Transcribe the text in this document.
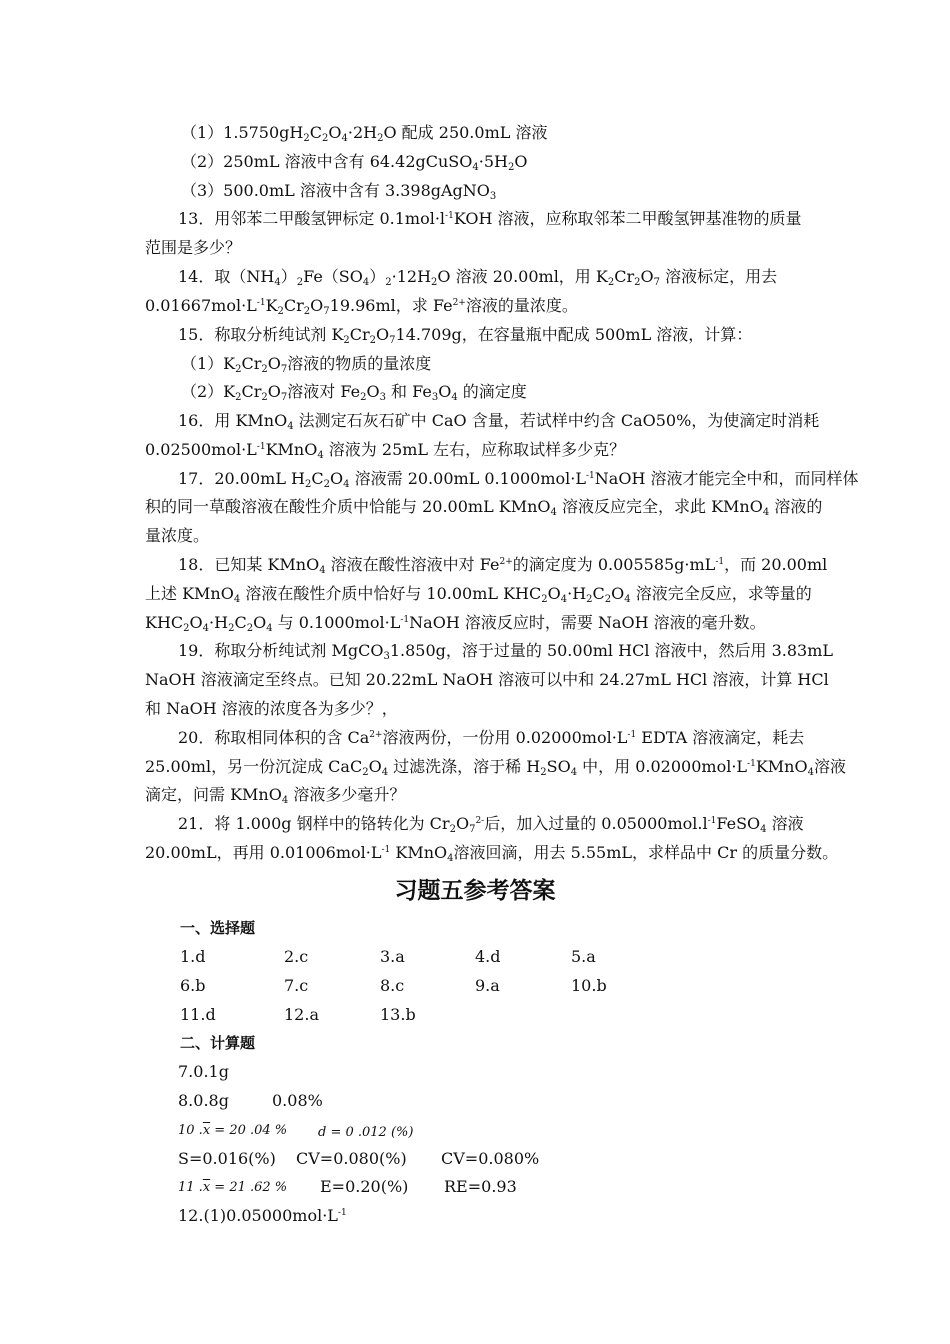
$(1)1.5750gH_2C_2O_4\cdot 2H_2O$ 配成 250.0mL 溶液
（2）250mL 溶液中含有 $64.42gCuSO_4\cdot 5H_2O$
（3）500.0mL 溶液中含有 3.398gAgNO$_3$
13．用邻苯二甲酸氢钾标定 $0.1mol\cdot l^{-1}KOH$ 溶液，应称取邻苯二甲酸氢钾基准物的质量
范围是多少？
14．取$(NH_4)_2Fe(SO_4)_2\cdot 12H_2O$ 溶液 20.00ml，用 $K_2Cr_2O_7$ 溶液标定，用去
$0.01667mol\cdot L^{-1}K_2Cr_2O_719.96ml$，求 $Fe^{2+}$溶液的量浓度。
15．称取分析纯试剂 $K_2Cr_2O_714.709g$，在容量瓶中配成 500mL 溶液，计算：
$(1)K_2Cr_2O_7$溶液的物质的量浓度
$(2)K_2Cr_2O_7$溶液对 $Fe_2O_3$ 和 $Fe_3O_4$ 的滴定度
16．用 KMnO$_4$ 法测定石灰石矿中 CaO 含量，若试样中约含 CaO50%，为使滴定时消耗
$0.02500mol\cdot L^{-1}KMnO_4$ 溶液为 25mL 左右，应称取试样多少克？
17．20.00mL $H_2C_2O_4$ 溶液需 20.00mL $0.1000mol\cdot L^{-1}NaOH$ 溶液才能完全中和，而同样体
积的同一草酸溶液在酸性介质中恰能与 20.00mL KMnO$_4$ 溶液反应完全，求此 KMnO$_4$ 溶液的
量浓度。
18．已知某 KMnO$_4$ 溶液在酸性溶液中对 $Fe^{2+}$的滴定度为 $0.005585g\cdot mL^{-1}$，而 20.00ml
上述 KMnO$_4$ 溶液在酸性介质中恰好与 10.00mL $KHC_2O_4\cdot H_2C_2O_4$ 溶液完全反应，求等量的
$KHC_2O_4\cdot H_2C_2O_4$ 与 $0.1000mol\cdot L^{-1}NaOH$ 溶液反应时，需要 NaOH 溶液的毫升数。
19．称取分析纯试剂 MgCO$_3$1.850g，溶于过量的 50.00ml HCl 溶液中，然后用 3.83mL
NaOH 溶液滴定至终点。已知 20.22mL NaOH 溶液可以中和 24.27mL HCl 溶液，计算 HCl
和 NaOH 溶液的浓度各为多少？，
20．称取相同体积的含 $Ca^{2+}$溶液两份，一份用 $0.02000mol\cdot L^{-1}$ EDTA 溶液滴定，耗去
25.00ml，另一份沉淀成 $CaC_2O_4$ 过滤洗涤，溶于稀 $H_2SO_4$ 中，用 $0.02000mol\cdot L^{-1}KMnO_4$溶液
滴定，问需 KMnO$_4$ 溶液多少毫升？
21．将 1.000g 钢样中的铬转化为 $Cr_2O_7^{2-}$后，加入过量的 $0.05000mol.l^{-1}FeSO_4$ 溶液
20.00mL，再用 $0.01006mol\cdot L^{-1}$ KMnO$_4$溶液回滴，用去 5.55mL，求样品中 Cr 的质量分数。
习题五参考答案
一、选择题
1.d	2.c	3.a	4.d	5.a
6.b	7.c	8.c	9.a	10.b
11.d	12.a	13.b
二、计算题
7.0.1g
8.0.8g	0.08%
10 $.\overline{x} = 20$ .04 % d = 0 .012 (%)
S=0.016(%) CV=0.080(%) CV=0.080%
11 $.\overline{x} = 21$ .62 % E=0.20(%) RE=0.93
$12.(1)0.05000mol\cdot L^{-1}$
